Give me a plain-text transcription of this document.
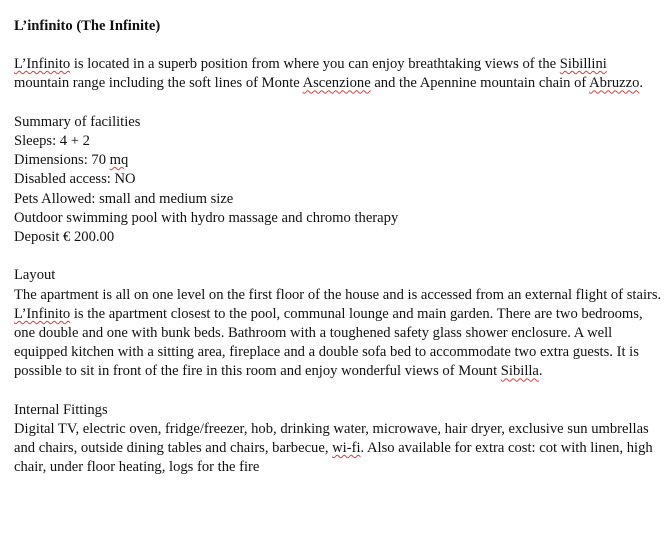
L’infinito (The Infinite)

L’Infinito is located in a superb position from where you can enjoy breathtaking views of the Sibillini mountain range including the soft lines of Monte Ascenzione and the Apennine mountain chain of Abruzzo.

Summary of facilities

Sleeps: 4 + 2

Dimensions: 70 mq

Disabled access: NO

Pets Allowed: small and medium size

Outdoor swimming pool with hydro massage and chromo therapy

Deposit € 200.00

Layout

The apartment is all on one level on the first floor of the house and is accessed from an external flight of stairs. L’Infinito is the apartment closest to the pool, communal lounge and main garden. There are two bedrooms, one double and one with bunk beds. Bathroom with a toughened safety glass shower enclosure. A well equipped kitchen with a sitting area, fireplace and a double sofa bed to accommodate two extra guests. It is possible to sit in front of the fire in this room and enjoy wonderful views of Mount Sibilla.

Internal Fittings

Digital TV, electric oven, fridge/freezer, hob, drinking water, microwave, hair dryer, exclusive sun umbrellas and chairs, outside dining tables and chairs, barbecue, wi-fi. Also available for extra cost: cot with linen, high chair, under floor heating, logs for the fire
